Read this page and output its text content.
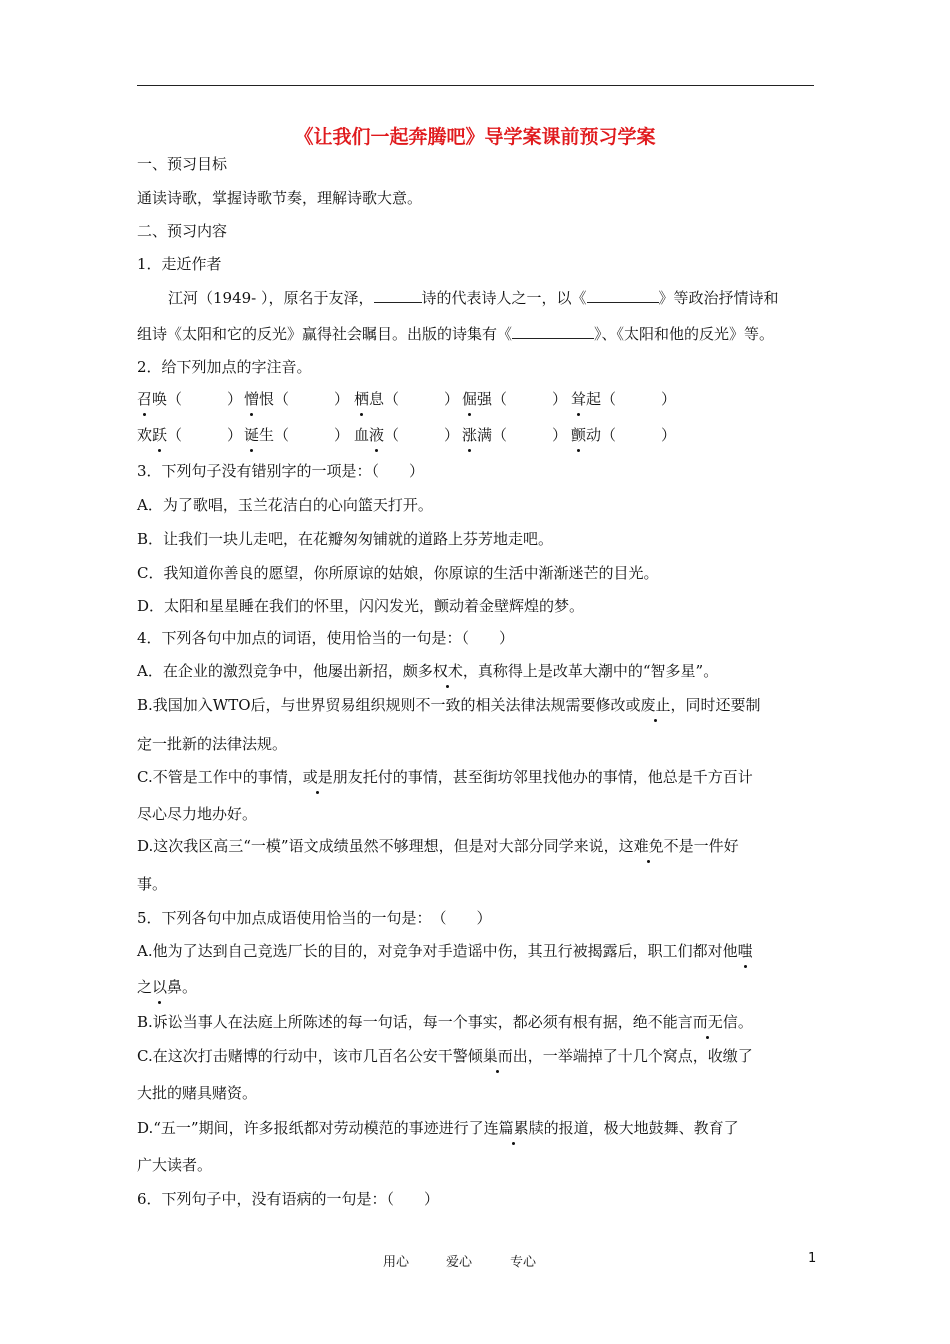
《让我们一起奔腾吧》导学案课前预习学案
一、预习目标
通读诗歌，掌握诗歌节奏，理解诗歌大意。
二、预习内容
1．走近作者
江河（1949- ），原名于友泽，	诗的代表诗人之一，以《	》等政治抒情诗和
组诗《太阳和它的反光》赢得社会瞩目。出版的诗集有《	》、《太阳和他的反光》等。
2．给下列加点的字注音。
召唤（　　　） 憎恨（　　　） 栖息（　　　） 倔强（　　　） 耸起（　　　）
欢跃（　　　） 诞生（　　　） 血液（　　　） 涨满（　　　） 颤动（　　　）
3．下列句子没有错别字的一项是：（　　）
A．为了歌唱，玉兰花洁白的心向篮天打开。
B．让我们一块儿走吧，在花瓣匆匆铺就的道路上芬芳地走吧。
C．我知道你善良的愿望，你所原谅的姑娘，你原谅的生活中渐渐迷芒的目光。
D．太阳和星星睡在我们的怀里，闪闪发光，颤动着金壁辉煌的梦。
4．下列各句中加点的词语，使用恰当的一句是：（　　）
A．在企业的激烈竞争中，他屡出新招，颇多权术，真称得上是改革大潮中的“智多星”。
B.我国加入WTO后，与世界贸易组织规则不一致的相关法律法规需要修改或废止，同时还要制
定一批新的法律法规。
C.不管是工作中的事情，或是朋友托付的事情，甚至街坊邻里找他办的事情，他总是千方百计
尽心尽力地办好。
D.这次我区高三“一模”语文成绩虽然不够理想，但是对大部分同学来说，这难免不是一件好
事。
5．下列各句中加点成语使用恰当的一句是：　（　　）
A.他为了达到自己竞选厂长的目的，对竞争对手造谣中伤，其丑行被揭露后，职工们都对他嗤
之以鼻。
B.诉讼当事人在法庭上所陈述的每一句话，每一个事实，都必须有根有据，绝不能言而无信。
C.在这次打击赌博的行动中，该市几百名公安干警倾巢而出，一举端掉了十几个窝点，收缴了
大批的赌具赌资。
D.“五一”期间，许多报纸都对劳动模范的事迹进行了连篇累牍的报道，极大地鼓舞、教育了
广大读者。
6．下列句子中，没有语病的一句是：（　　）
用心	爱心	专心	1
